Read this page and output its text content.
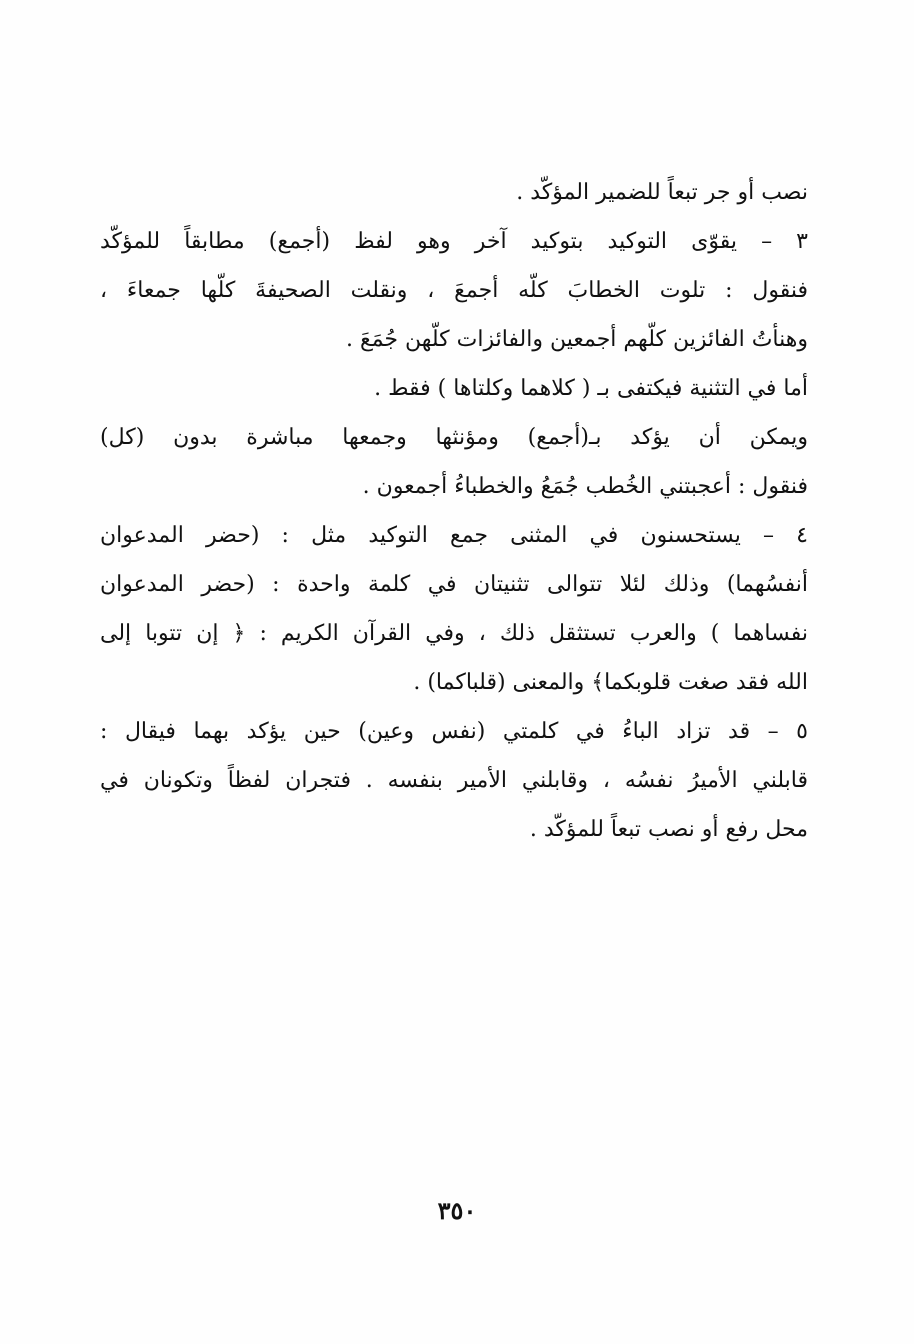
نصب أو جر تبعاً للضمير المؤكّد .
٣ – يقوّى التوكيد بتوكيد آخر وهو لفظ (أجمع) مطابقاً للمؤكّد
فنقول : تلوت الخطابَ كلّه أجمعَ ، ونقلت الصحيفةَ كلّها جمعاءَ ،
وهنأتُ الفائزين كلّهم أجمعين والفائزات كلّهن جُمَعَ .
أما في التثنية فيكتفى بـ ( كلاهما وكلتاها ) فقط .
ويمكن أن يؤكد بـ(أجمع) ومؤنثها وجمعها مباشرة بدون (كل)
فنقول : أعجبتني الخُطب جُمَعُ والخطباءُ أجمعون .
٤ – يستحسنون في المثنى جمع التوكيد مثل : (حضر المدعوان
أنفسُهما) وذلك لئلا تتوالى تثنيتان في كلمة واحدة : (حضر المدعوان
نفساهما ) والعرب تستثقل ذلك ، وفي القرآن الكريم : ﴿ إن تتوبا إلى
الله فقد صغت قلوبكما﴾ والمعنى (قلباكما) .
٥ – قد تزاد الباءُ في كلمتي (نفس وعين) حين يؤكد بهما فيقال :
قابلني الأميرُ نفسُه ، وقابلني الأمير بنفسه . فتجران لفظاً وتكونان في
محل رفع أو نصب تبعاً للمؤكّد .
٣٥٠
